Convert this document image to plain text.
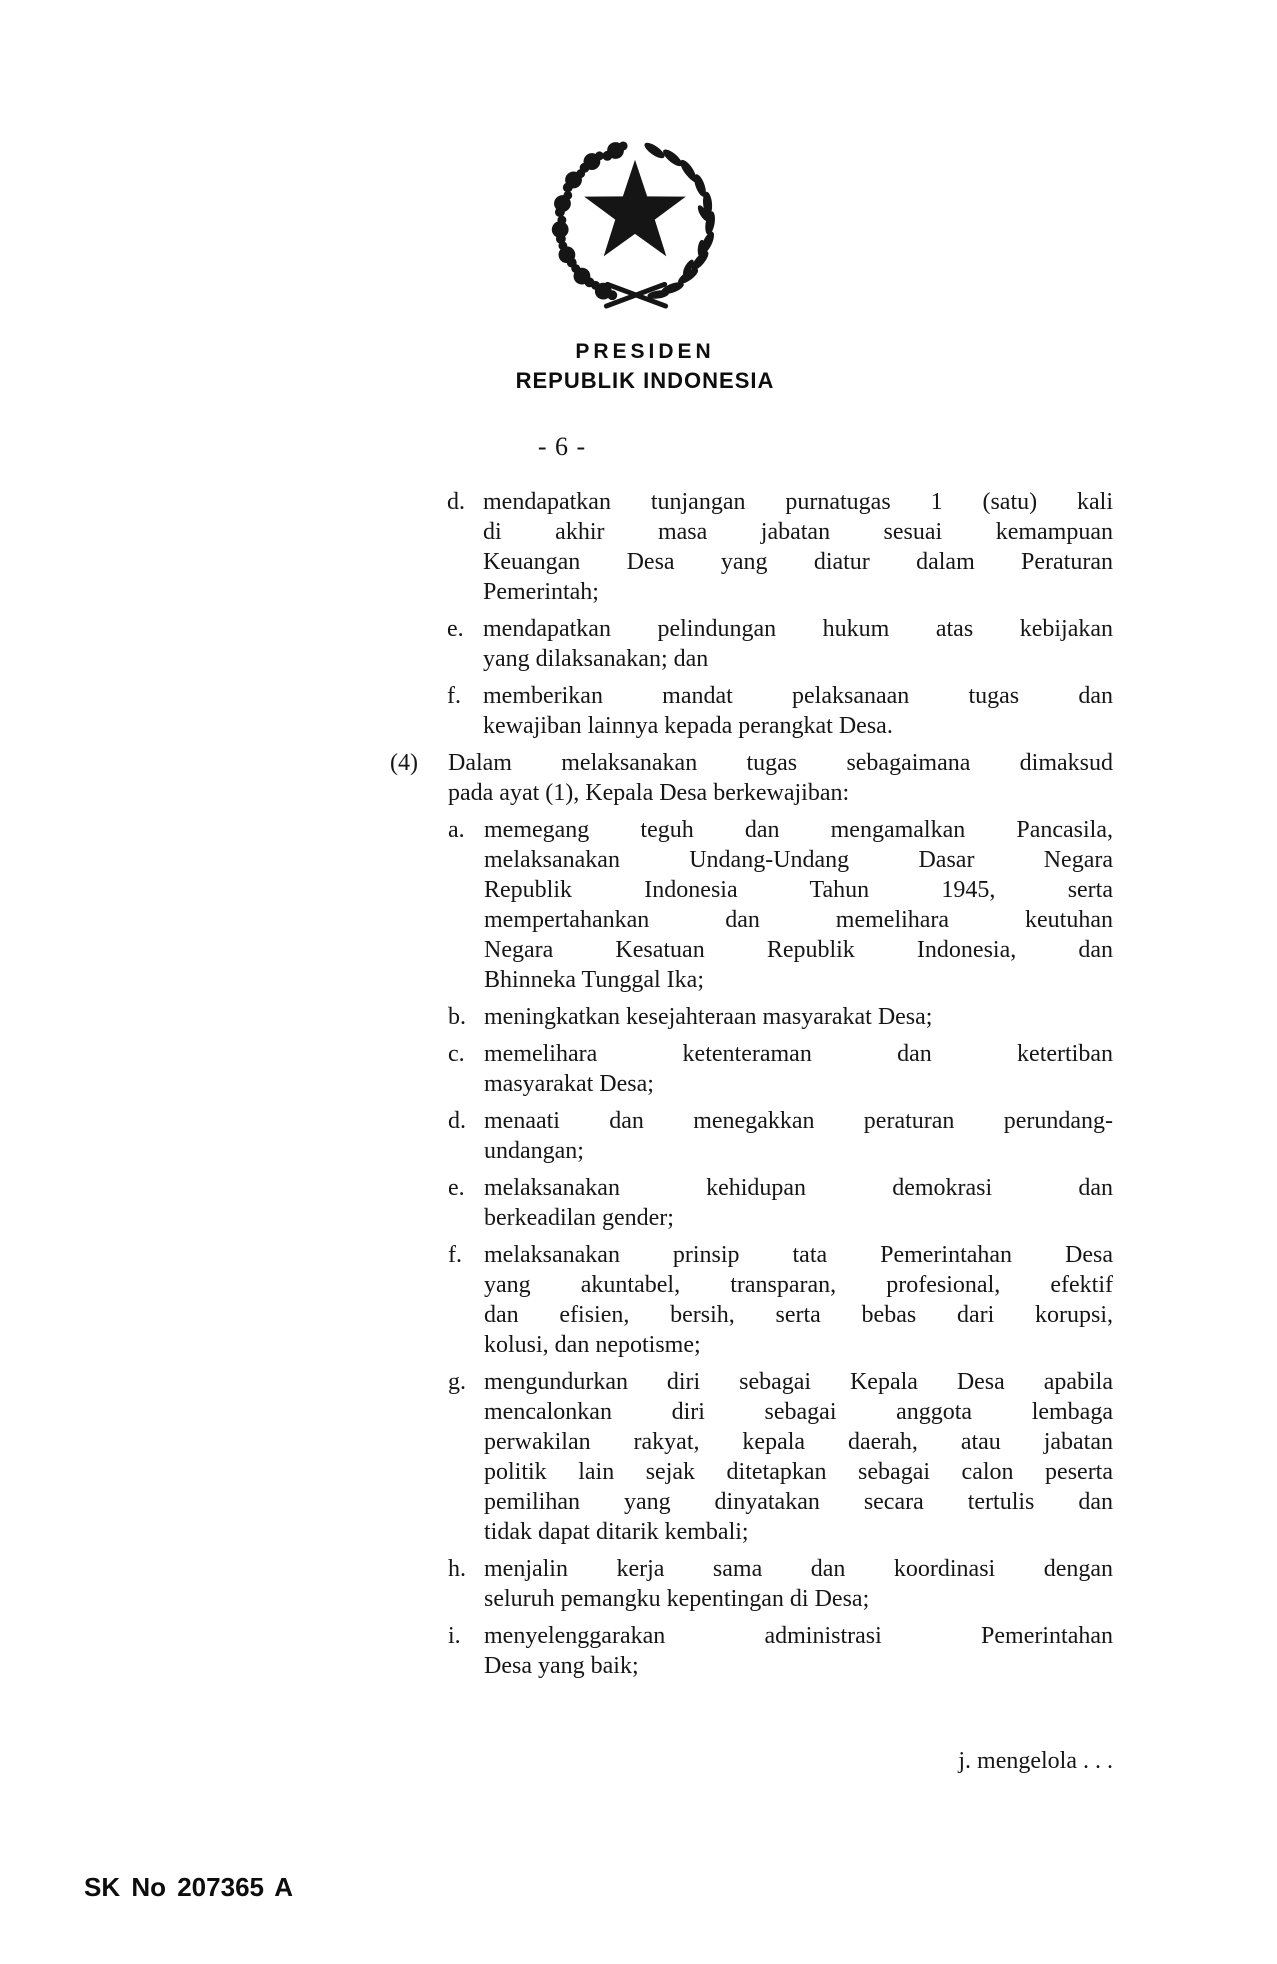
PRESIDEN
REPUBLIK INDONESIA
- 6 -
d. mendapatkan tunjangan purnatugas 1 (satu) kali
di akhir masa jabatan sesuai kemampuan
Keuangan Desa yang diatur dalam Peraturan
Pemerintah;
e. mendapatkan pelindungan hukum atas kebijakan
yang dilaksanakan; dan
f. memberikan mandat pelaksanaan tugas dan
kewajiban lainnya kepada perangkat Desa.
(4) Dalam melaksanakan tugas sebagaimana dimaksud
pada ayat (1), Kepala Desa berkewajiban:
a. memegang teguh dan mengamalkan Pancasila,
melaksanakan Undang-Undang Dasar Negara
Republik Indonesia Tahun 1945, serta
mempertahankan dan memelihara keutuhan
Negara Kesatuan Republik Indonesia, dan
Bhinneka Tunggal Ika;
b. meningkatkan kesejahteraan masyarakat Desa;
c. memelihara ketenteraman dan ketertiban
masyarakat Desa;
d. menaati dan menegakkan peraturan perundang-
undangan;
e. melaksanakan kehidupan demokrasi dan
berkeadilan gender;
f. melaksanakan prinsip tata Pemerintahan Desa
yang akuntabel, transparan, profesional, efektif
dan efisien, bersih, serta bebas dari korupsi,
kolusi, dan nepotisme;
g. mengundurkan diri sebagai Kepala Desa apabila
mencalonkan diri sebagai anggota lembaga
perwakilan rakyat, kepala daerah, atau jabatan
politik lain sejak ditetapkan sebagai calon peserta
pemilihan yang dinyatakan secara tertulis dan
tidak dapat ditarik kembali;
h. menjalin kerja sama dan koordinasi dengan
seluruh pemangku kepentingan di Desa;
i. menyelenggarakan administrasi Pemerintahan
Desa yang baik;
j. mengelola . . .
SK No 207365 A
